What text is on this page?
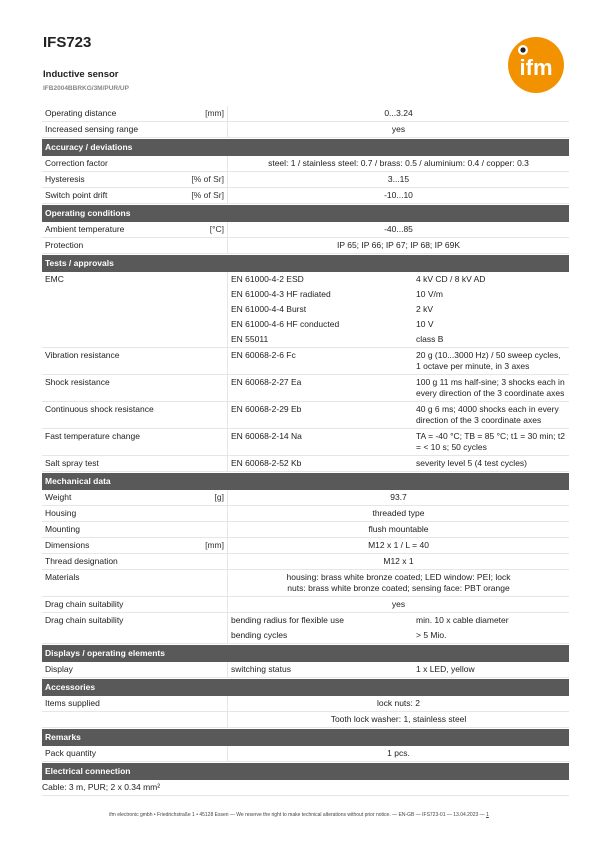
IFS723

Inductive sensor

IFB2004BBRKG/3M/PUR/UP

ifm
Operating distance	[mm]	0...3.24
Increased sensing range	yes
Accuracy / deviations
Correction factor	steel: 1 / stainless steel: 0.7 / brass: 0.5 / aluminium: 0.4 / copper: 0.3
Hysteresis	[% of Sr]	3...15
Switch point drift	[% of Sr]	-10...10
Operating conditions
Ambient temperature	[°C]	-40...85
Protection	IP 65; IP 66; IP 67; IP 68; IP 69K
Tests / approvals
EMC	EN 61000-4-2 ESD	4 kV CD / 8 kV AD
EN 61000-4-3 HF radiated	10 V/m
EN 61000-4-4 Burst	2 kV
EN 61000-4-6 HF conducted	10 V
EN 55011	class B
Vibration resistance	EN 60068-2-6 Fc	20 g (10...3000 Hz) / 50 sweep cycles, 1 octave per minute, in 3 axes
Shock resistance	EN 60068-2-27 Ea	100 g 11 ms half-sine; 3 shocks each in every direction of the 3 coordinate axes
Continuous shock resistance	EN 60068-2-29 Eb	40 g 6 ms; 4000 shocks each in every direction of the 3 coordinate axes
Fast temperature change	EN 60068-2-14 Na	TA = -40 °C; TB = 85 °C; t1 = 30 min; t2 = < 10 s; 50 cycles
Salt spray test	EN 60068-2-52 Kb	severity level 5 (4 test cycles)
Mechanical data
Weight	[g]	93.7
Housing	threaded type
Mounting	flush mountable
Dimensions	[mm]	M12 x 1 / L = 40
Thread designation	M12 x 1
Materials	housing: brass white bronze coated; LED window: PEI; lock
nuts: brass white bronze coated; sensing face: PBT orange
Drag chain suitability	yes
Drag chain suitability	bending radius for flexible use	min. 10 x cable diameter
bending cycles	> 5 Mio.
Displays / operating elements
Display	switching status	1 x LED, yellow
Accessories
Items supplied	lock nuts: 2
Tooth lock washer: 1, stainless steel
Remarks
Pack quantity	1 pcs.
Electrical connection
Cable: 3 m, PUR; 2 x 0.34 mm²
ifm electronic gmbh • Friedrichstraße 1 • 45128 Essen — We reserve the right to make technical alterations without prior notice. — EN-GB — IFS723-01 — 13.04.2023 — 1
